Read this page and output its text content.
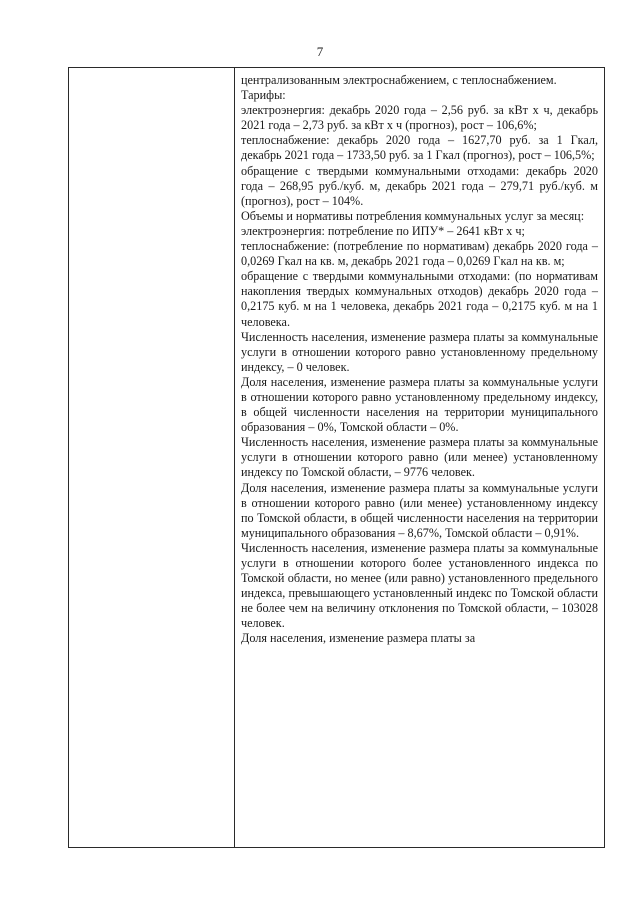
7

централизованным электроснабжением, с теплоснабжением.

Тарифы:

электроэнергия: декабрь 2020 года – 2,56 руб. за кВт х ч, декабрь 2021 года – 2,73 руб. за кВт х ч (прогноз), рост – 106,6%;

теплоснабжение: декабрь 2020 года – 1627,70 руб. за 1 Гкал, декабрь 2021 года – 1733,50 руб. за 1 Гкал (прогноз), рост – 106,5%;

обращение с твердыми коммунальными отходами: декабрь 2020 года – 268,95 руб./куб. м, декабрь 2021 года – 279,71 руб./куб. м (прогноз), рост – 104%.

Объемы и нормативы потребления коммунальных услуг за месяц:

электроэнергия: потребление по ИПУ* – 2641 кВт х ч;

теплоснабжение: (потребление по нормативам) декабрь 2020 года – 0,0269 Гкал на кв. м, декабрь 2021 года – 0,0269 Гкал на кв. м;

обращение с твердыми коммунальными отходами: (по нормативам накопления твердых коммунальных отходов) декабрь 2020 года – 0,2175 куб. м на 1 человека, декабрь 2021 года – 0,2175 куб. м на 1 человека.

Численность населения, изменение размера платы за коммунальные услуги в отношении которого равно установленному предельному индексу, – 0 человек.

Доля населения, изменение размера платы за коммунальные услуги в отношении которого равно установленному предельному индексу, в общей численности населения на территории муниципального образования – 0%, Томской области – 0%.

Численность населения, изменение размера платы за коммунальные услуги в отношении которого равно (или менее) установленному индексу по Томской области, – 9776 человек.

Доля населения, изменение размера платы за коммунальные услуги в отношении которого равно (или менее) установленному индексу по Томской области, в общей численности населения на территории муниципального образования – 8,67%, Томской области – 0,91%.

Численность населения, изменение размера платы за коммунальные услуги в отношении которого более установленного индекса по Томской области, но менее (или равно) установленного предельного индекса, превышающего установленный индекс по Томской области не более чем на величину отклонения по Томской области, – 103028 человек.

Доля населения, изменение размера платы за
